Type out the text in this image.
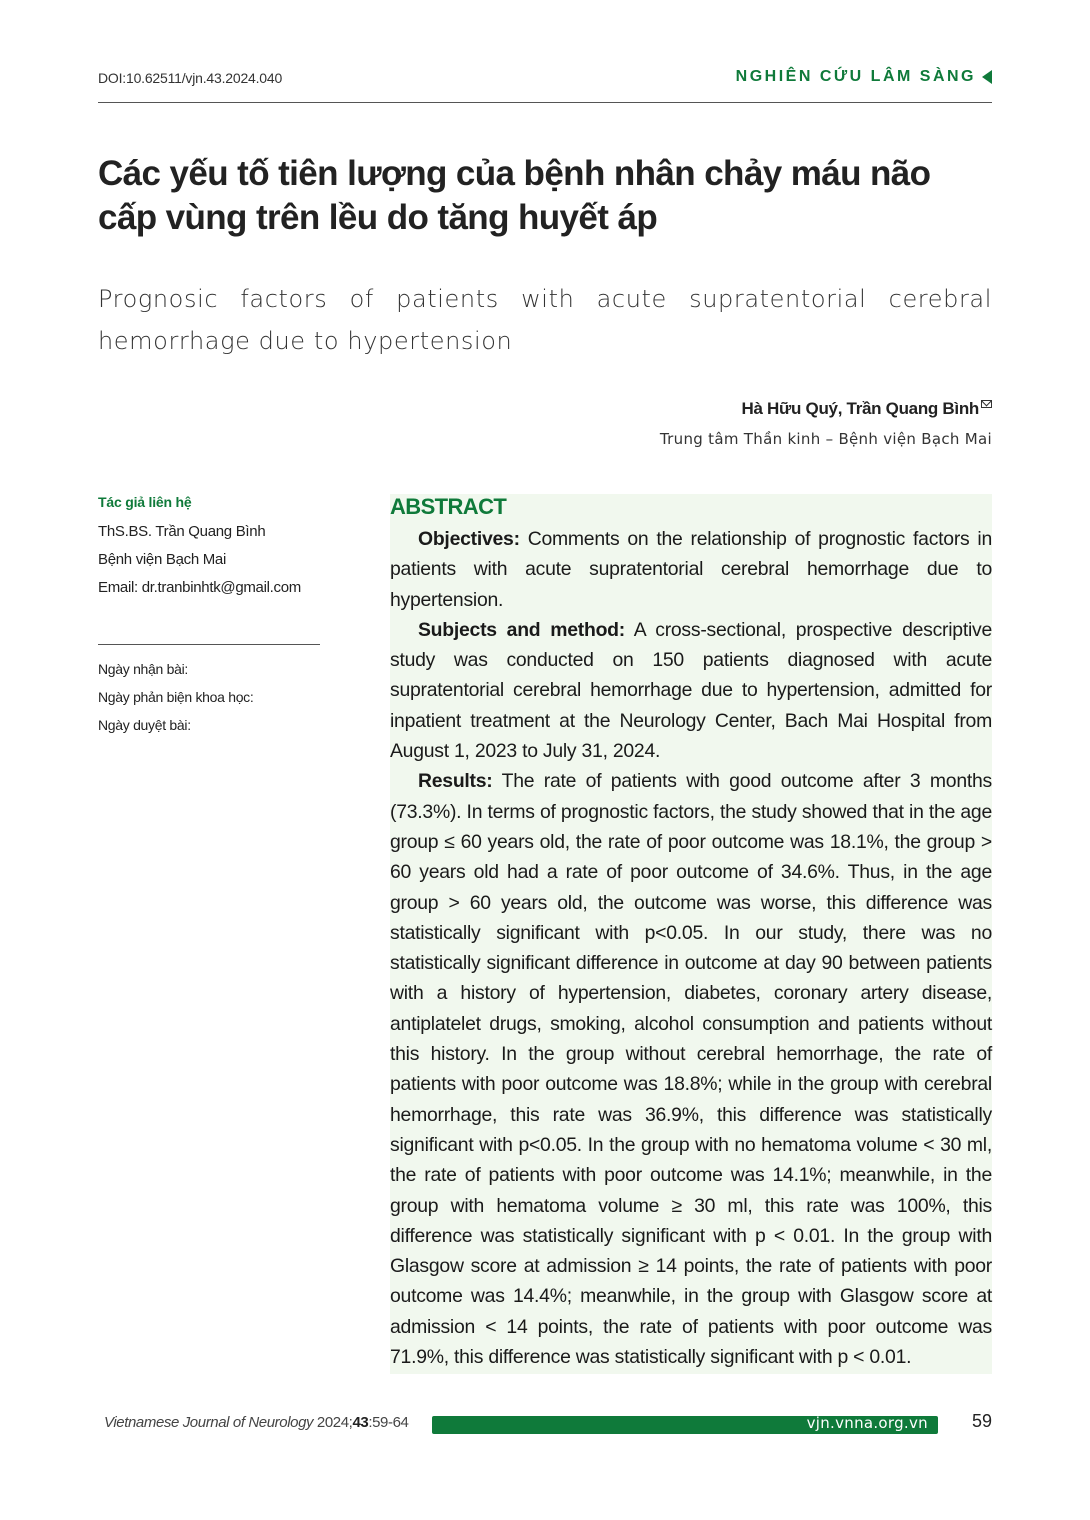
DOI:10.62511/vjn.43.2024.040	NGHIÊN CỨU LÂM SÀNG
Các yếu tố tiên lượng của bệnh nhân chảy máu não cấp vùng trên lều do tăng huyết áp
Prognosic factors of patients with acute supratentorial cerebral hemorrhage due to hypertension
Hà Hữu Quý, Trần Quang Bình
Trung tâm Thần kinh – Bệnh viện Bạch Mai
Tác giả liên hệ
ThS.BS. Trần Quang Bình
Bệnh viện Bạch Mai
Email: dr.tranbinhtk@gmail.com
Ngày nhận bài:
Ngày phản biện khoa học:
Ngày duyệt bài:
ABSTRACT

Objectives: Comments on the relationship of prognostic factors in patients with acute supratentorial cerebral hemorrhage due to hypertension.

Subjects and method: A cross-sectional, prospective descriptive study was conducted on 150 patients diagnosed with acute supratentorial cerebral hemorrhage due to hypertension, admitted for inpatient treatment at the Neurology Center, Bach Mai Hospital from August 1, 2023 to July 31, 2024.

Results: The rate of patients with good outcome after 3 months (73.3%). In terms of prognostic factors, the study showed that in the age group ≤ 60 years old, the rate of poor outcome was 18.1%, the group > 60 years old had a rate of poor outcome of 34.6%. Thus, in the age group > 60 years old, the outcome was worse, this difference was statistically significant with p<0.05. In our study, there was no statistically significant difference in outcome at day 90 between patients with a history of hypertension, diabetes, coronary artery disease, antiplatelet drugs, smoking, alcohol consumption and patients without this history. In the group without cerebral hemorrhage, the rate of patients with poor outcome was 18.8%; while in the group with cerebral hemorrhage, this rate was 36.9%, this difference was statistically significant with p<0.05. In the group with no hematoma volume < 30 ml, the rate of patients with poor outcome was 14.1%; meanwhile, in the group with hematoma volume ≥ 30 ml, this rate was 100%, this difference was statistically significant with p < 0.01. In the group with Glasgow score at admission ≥ 14 points, the rate of patients with poor outcome was 14.4%; meanwhile, in the group with Glasgow score at admission < 14 points, the rate of patients with poor outcome was 71.9%, this difference was statistically significant with p < 0.01.

Vietnamese Journal of Neurology 2024;43:59-64	vjn.vnna.org.vn 59
